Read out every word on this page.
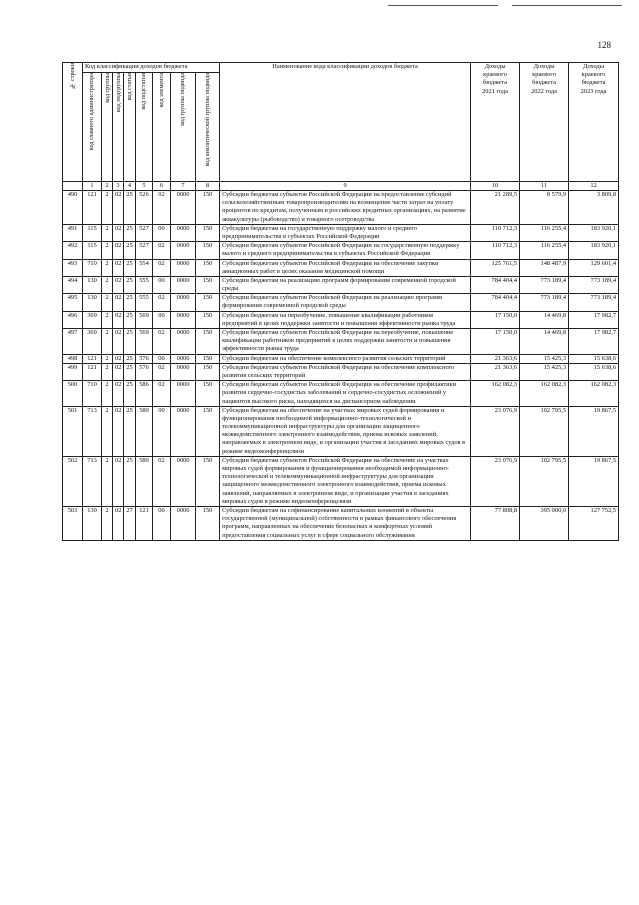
128
№ строки	Код классификации доходов бюджета								Наименование кода классификации доходов бюджета	Доходы
краевого
бюджета
2021 года	Доходы
краевого
бюджета
2022 года	Доходы
краевого
бюджета
2023 года
	код главного администратора	код группы	код подгруппы	код статьи	код подстатьи	код элемента	код группы подвида	код аналитической группы подвида				
	1	2	3	4	5	6	7	8	9	10	11	12
490	121	2	02	25	526	02	0000	150	Субсидии бюджетам субъектов Российской Федерации на предоставление субсидий сельскохозяйственным товаропроизводителям на возмещение части затрат на уплату процентов по кредитам, полученным в российских кредитных организациях, на развитие аквакультуры (рыбоводство) и товарного осетроводства	21 289,5	8 579,9	3 809,8
491	115	2	02	25	527	00	0000	150	Субсидии бюджетам на государственную поддержку малого и среднего предпринимательства в субъектах Российской Федерации	110 712,3	116 255,4	183 920,1
492	115	2	02	25	527	02	0000	150	Субсидии бюджетам субъектов Российской Федерации на государственную поддержку малого и среднего предпринимательства в субъектах Российской Федерации	110 712,3	116 255,4	183 920,1
493	710	2	02	25	554	02	0000	150	Субсидии бюджетам субъектов Российской Федерации на обеспечение закупки авиационных работ в целях оказания медицинской помощи	125 761,5	148 487,9	129 601,4
494	130	2	02	25	555	00	0000	150	Субсидии бюджетам на реализацию программ формирования современной городской среды	784 404,4	773 189,4	773 189,4
495	130	2	02	25	555	02	0000	150	Субсидии бюджетам субъектов Российской Федерации на реализацию программ формирования современной городской среды	784 404,4	773 189,4	773 189,4
496	369	2	02	25	569	00	0000	150	Субсидии бюджетам на переобучение, повышение квалификации работников предприятий в целях поддержки занятости и повышения эффективности рынка труда	17 150,0	14 469,8	17 982,7
497	369	2	02	25	569	02	0000	150	Субсидии бюджетам субъектов Российской Федерации на переобучение, повышение квалификации работников предприятий в целях поддержки занятости и повышения эффективности рынка труда	17 150,0	14 469,8	17 982,7
498	121	2	02	25	576	00	0000	150	Субсидии бюджетам на обеспечение комплексного развития сельских территорий	21 363,6	15 425,3	15 638,6
499	121	2	02	25	576	02	0000	150	Субсидии бюджетам субъектов Российской Федерации на обеспечение комплексного развития сельских территорий	21 363,6	15 425,3	15 638,6
500	710	2	02	25	586	02	0000	150	Субсидии бюджетам субъектов Российской Федерации на обеспечение профилактики развития сердечно-сосудистых заболеваний и сердечно-сосудистых осложнений у пациентов высокого риска, находящихся на диспансерном наблюдении	162 082,3	162 082,3	162 082,3
501	713	2	02	25	589	00	0000	150	Субсидии бюджетам на обеспечение на участках мировых судей формирования и функционирования необходимой информационно-технологической и телекоммуникационной инфраструктуры для организации защищенного межведомственного электронного взаимодействия, приема исковых заявлений, направляемых в электронном виде, и организации участия в заседаниях мировых судов в режиме видеоконференцсвязи	23 076,9	102 795,5	19 867,5
502	713	2	02	25	589	02	0000	150	Субсидии бюджетам субъектов Российской Федерации на обеспечение на участках мировых судей формирования и функционирования необходимой информационно-технологической и телекоммуникационной инфраструктуры для организации защищенного межведомственного электронного взаимодействия, приема исковых заявлений, направляемых в электронном виде, и организации участия в заседаниях мировых судов в режиме видеоконференцсвязи	23 076,9	102 795,5	19 867,5
503	130	2	02	27	121	00	0000	150	Субсидии бюджетам на софинансирование капитальных вложений в объекты государственной (муниципальной) собственности в рамках финансового обеспечения программ, направленных на обеспечение безопасных и комфортных условий предоставления социальных услуг в сфере социального обслуживания	77 808,8	395 000,0	127 752,5
